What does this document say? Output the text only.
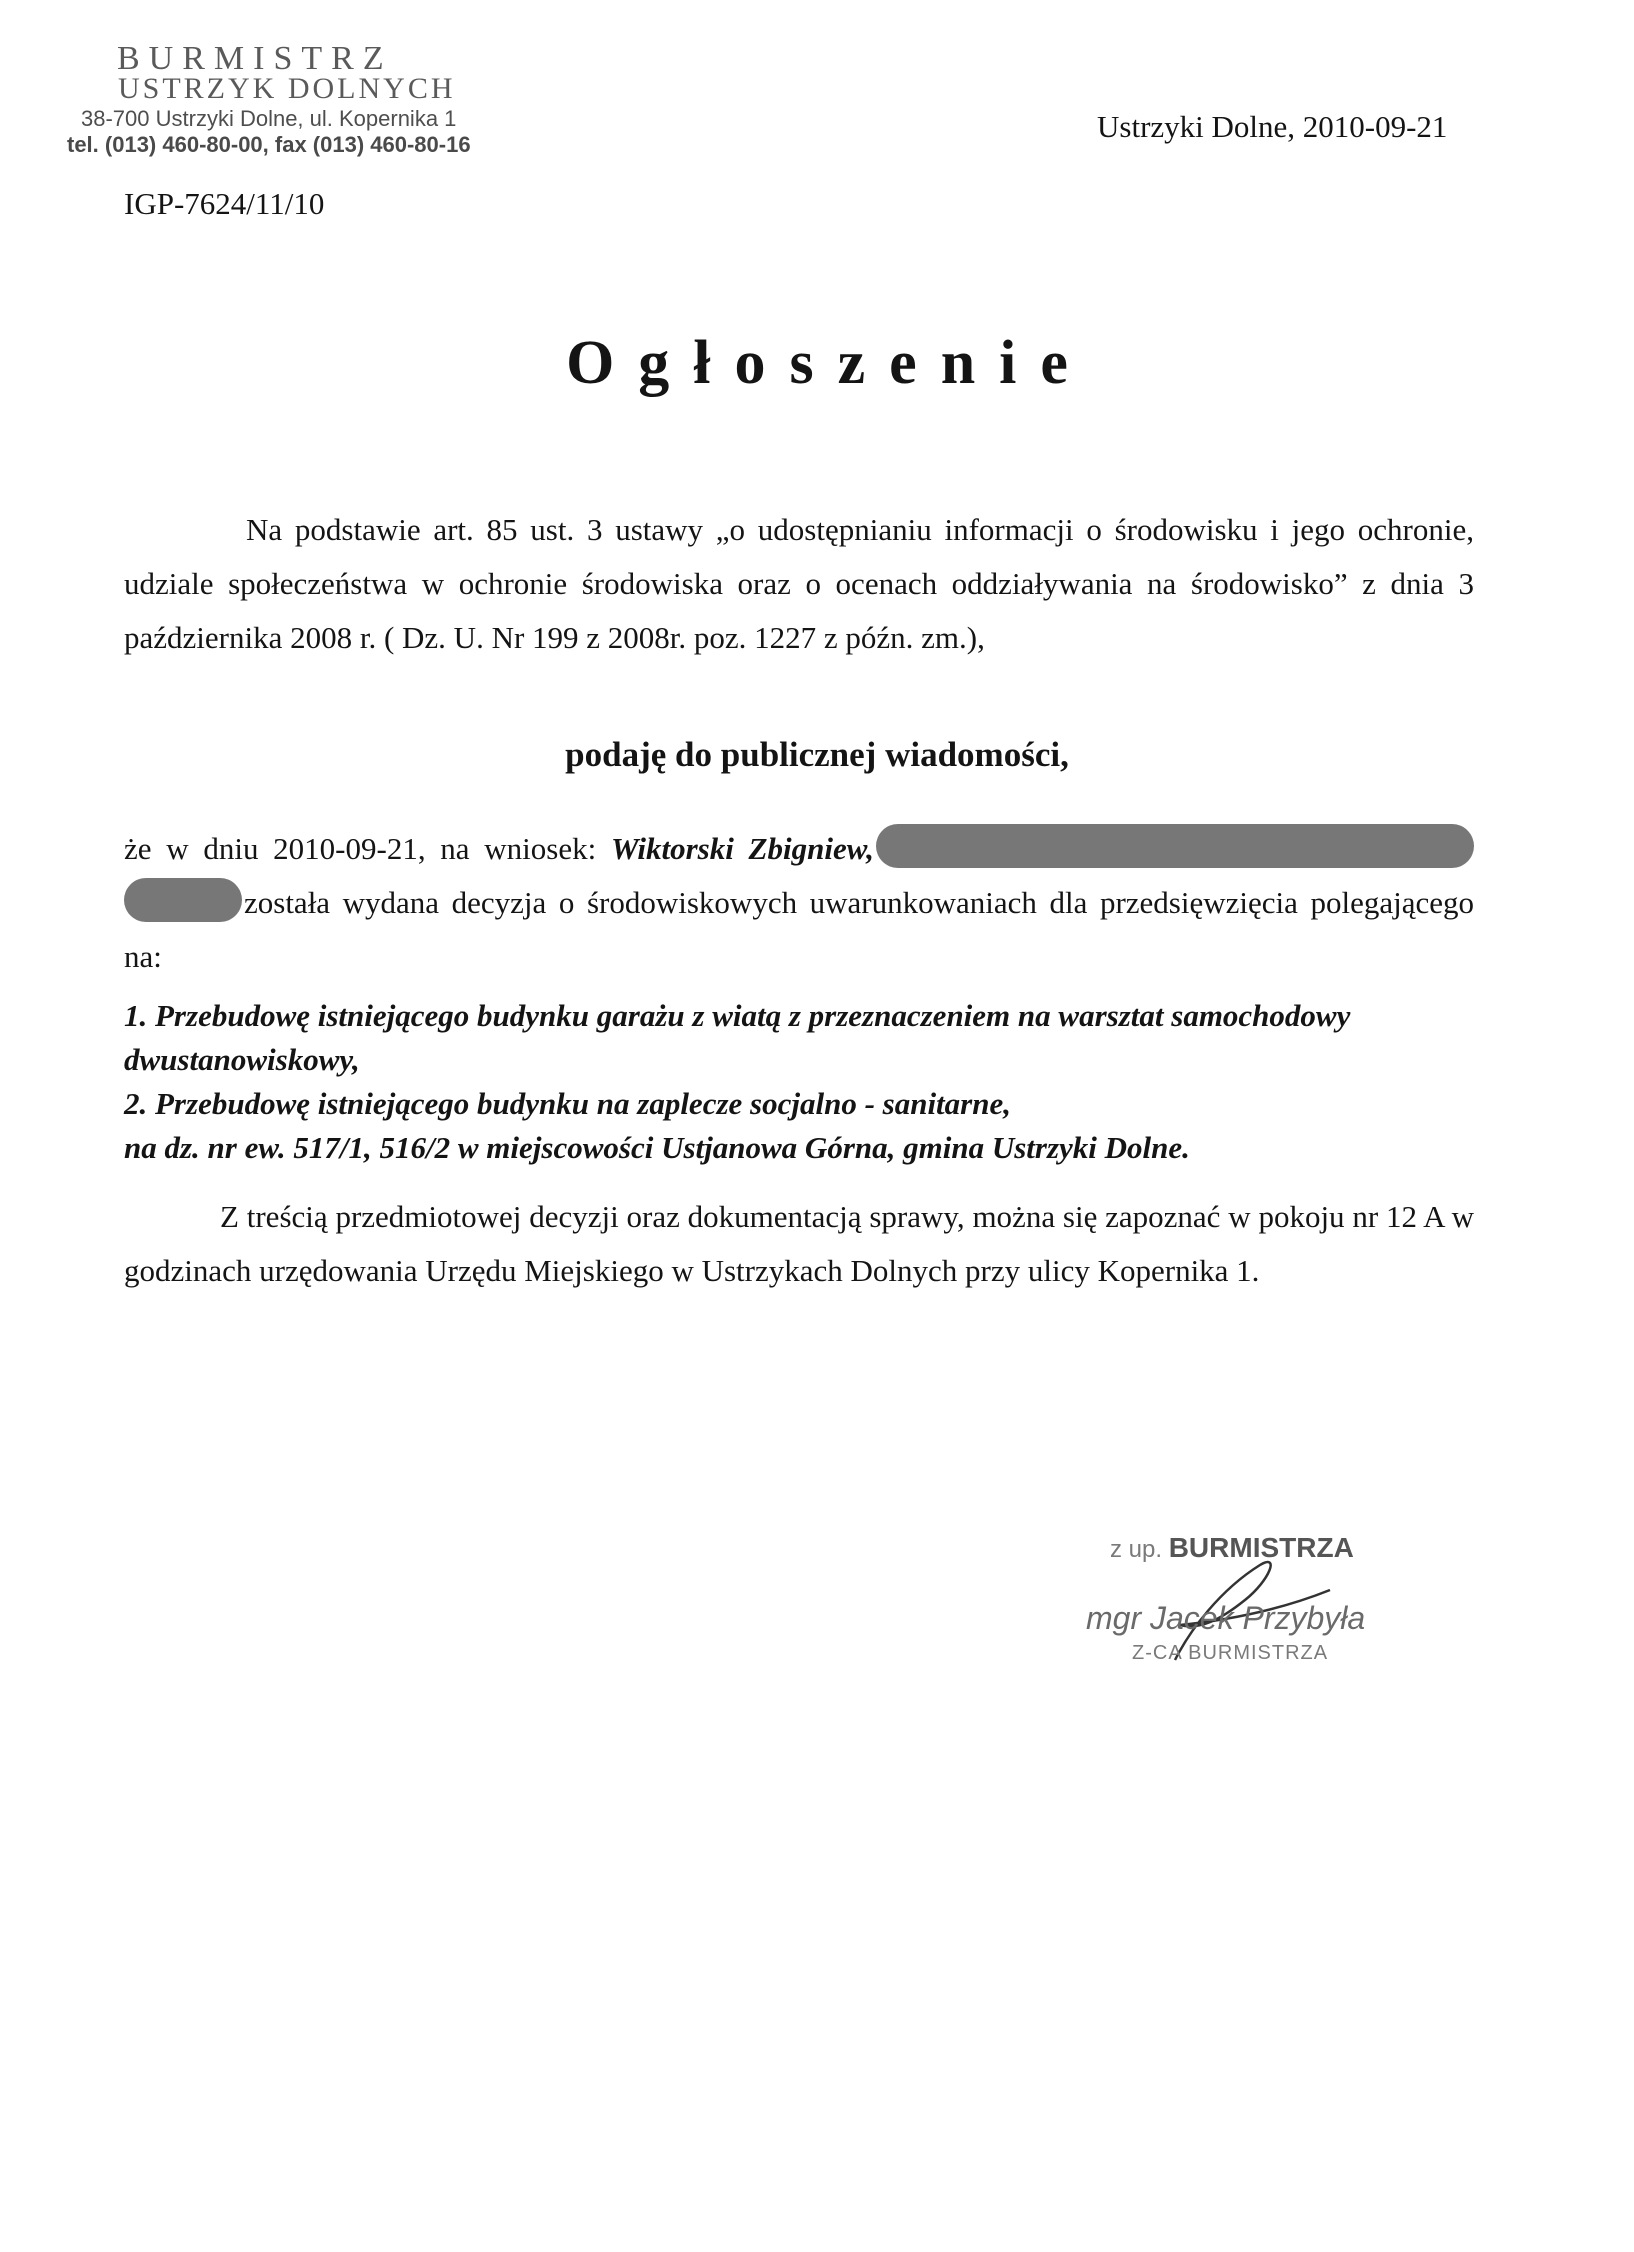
BURMISTRZ
USTRZYK DOLNYCH
38-700 Ustrzyki Dolne, ul. Kopernika 1
tel. (013) 460-80-00, fax (013) 460-80-16
Ustrzyki Dolne, 2010-09-21
IGP-7624/11/10
Ogłoszenie
Na podstawie art. 85 ust. 3 ustawy „o udostępnianiu informacji o środowisku i jego ochronie, udziale społeczeństwa w ochronie środowiska oraz o ocenach oddziaływania na środowisko” z dnia 3 października 2008 r. ( Dz. U. Nr 199 z 2008r. poz. 1227 z późn. zm.),
podaję do publicznej wiadomości,
że w dniu 2010-09-21, na wniosek: Wiktorski Zbigniew, została wydana decyzja o środowiskowych uwarunkowaniach dla przedsięwzięcia polegającego na:
1. Przebudowę istniejącego budynku garażu z wiatą z przeznaczeniem na warsztat samochodowy
dwustanowiskowy,
2. Przebudowę istniejącego budynku na zaplecze socjalno - sanitarne,
na dz. nr ew. 517/1, 516/2 w miejscowości Ustjanowa Górna, gmina Ustrzyki Dolne.
Z treścią przedmiotowej decyzji oraz dokumentacją sprawy, można się zapoznać w pokoju nr 12 A w godzinach urzędowania Urzędu Miejskiego w Ustrzykach Dolnych przy ulicy Kopernika 1.
z up. BURMISTRZA
mgr Jacek Przybyła
Z-CA BURMISTRZA
